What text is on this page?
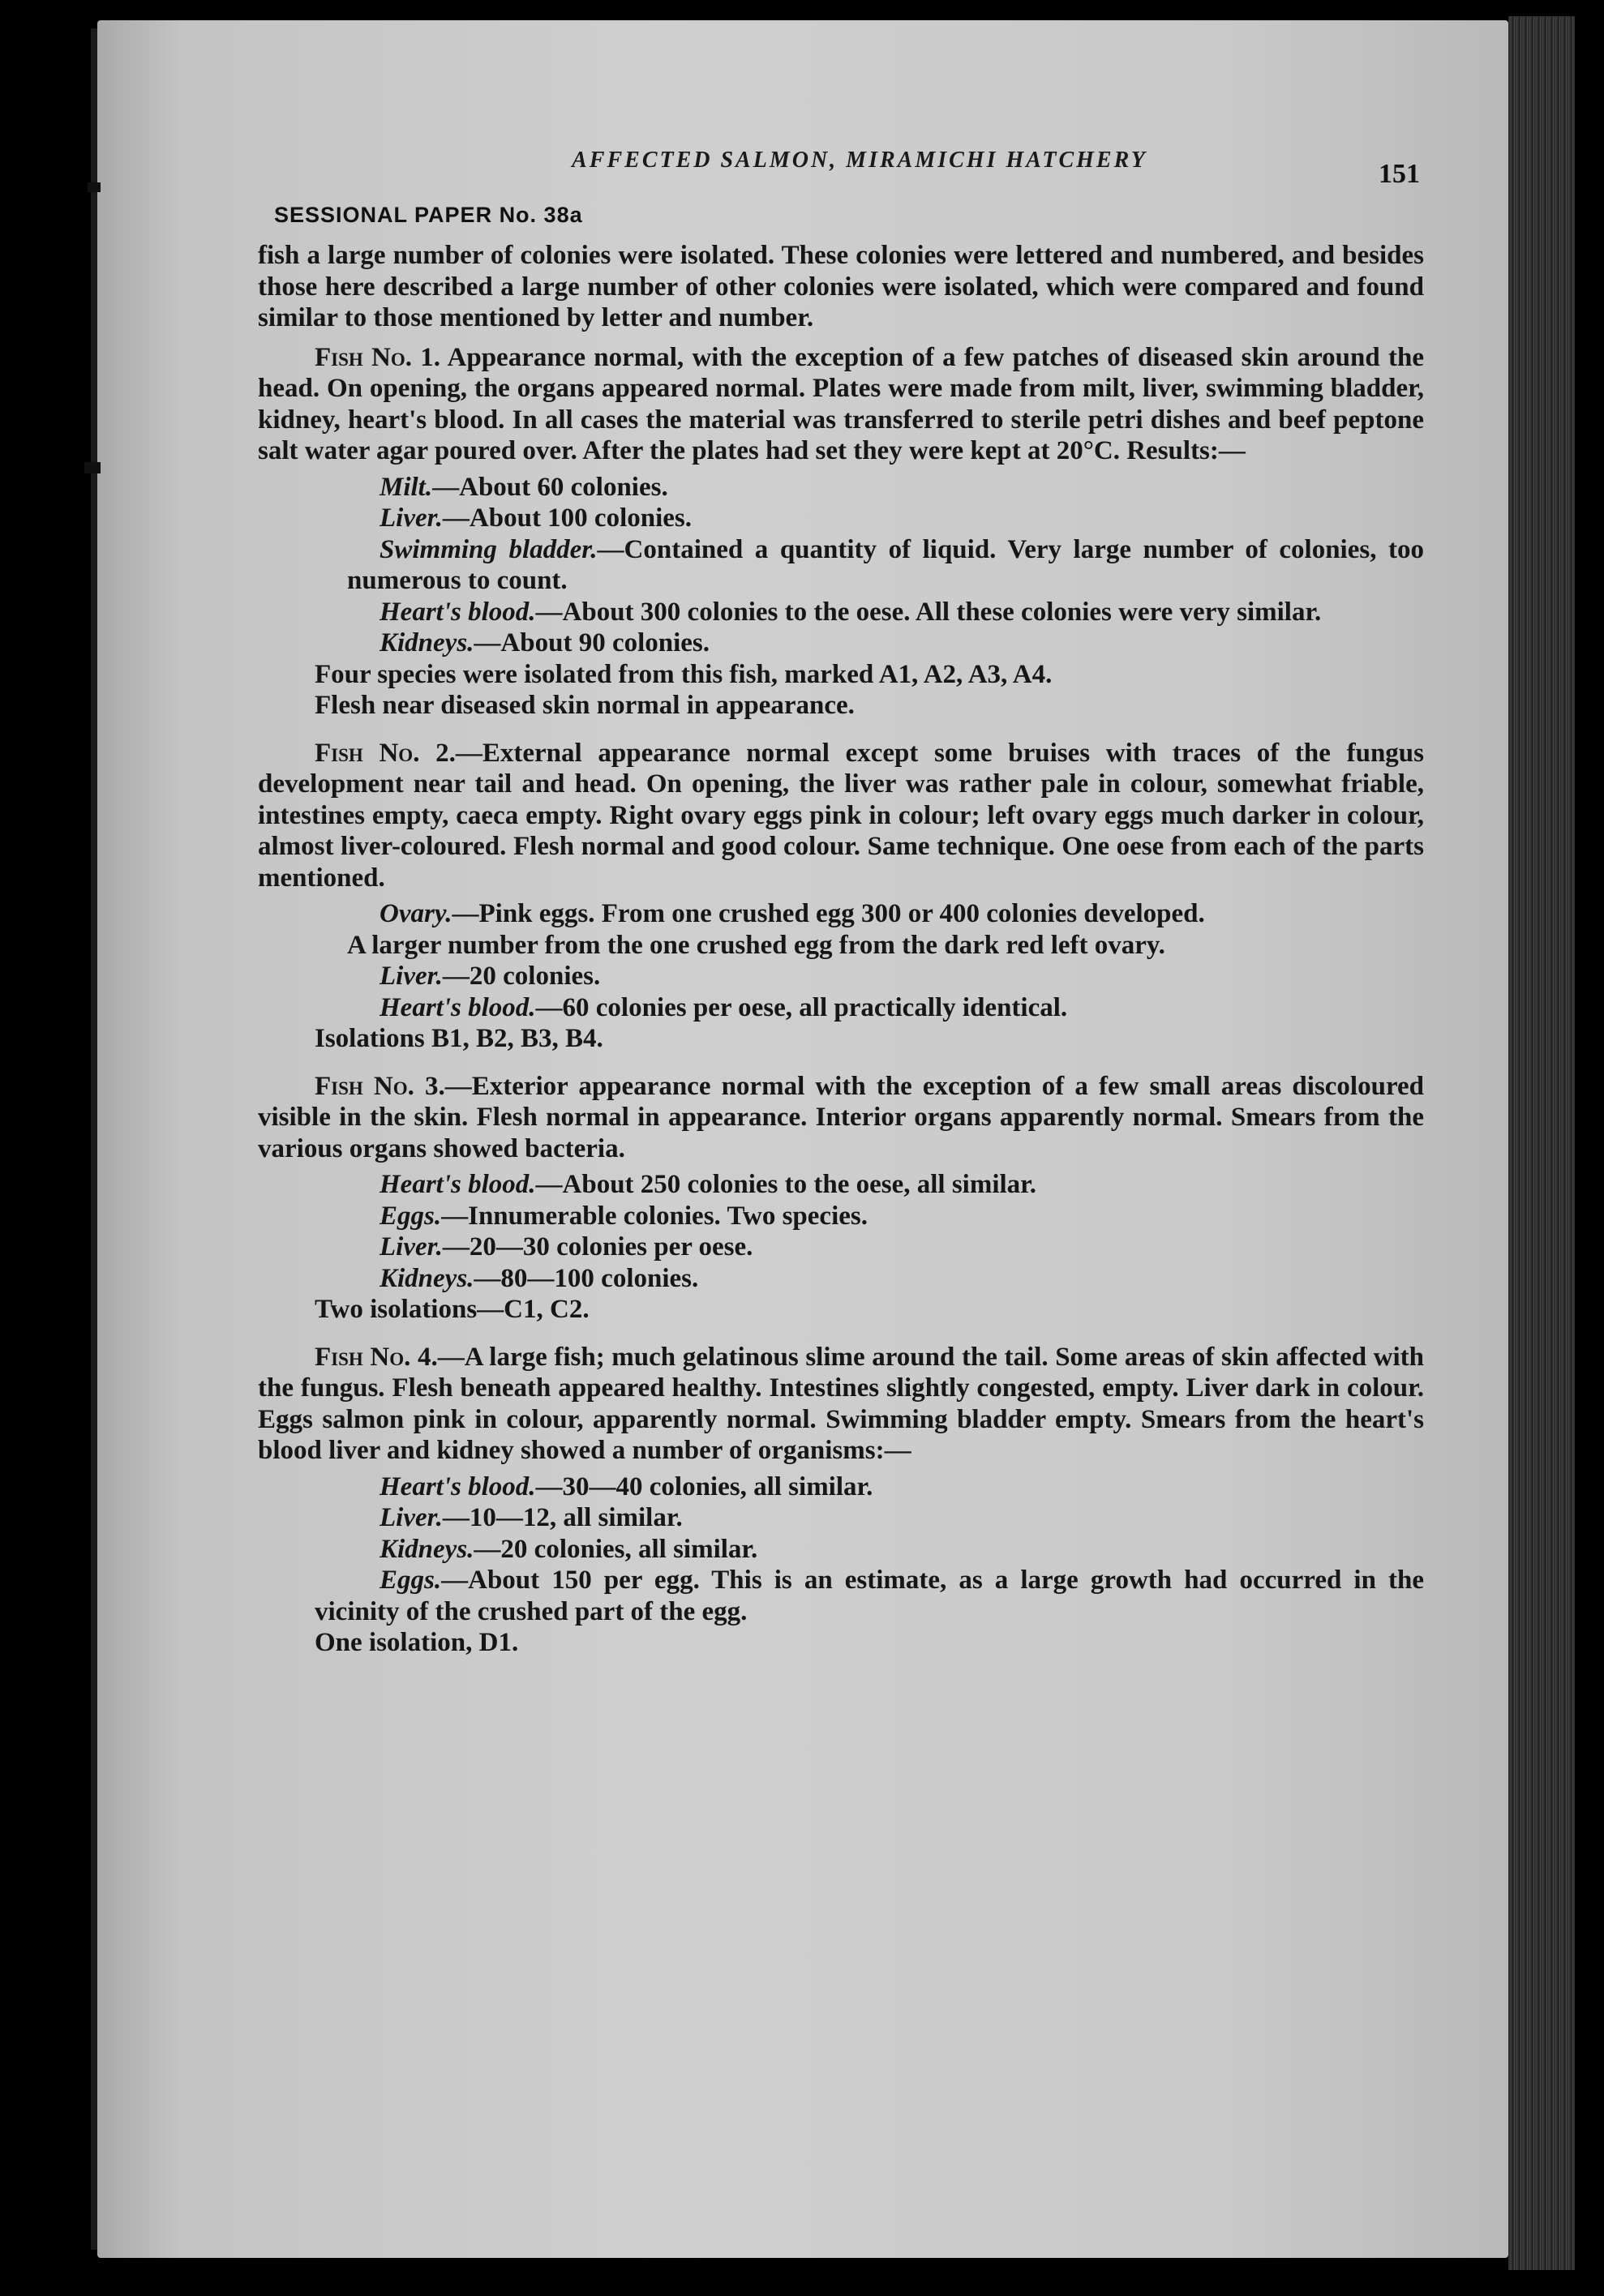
AFFECTED SALMON, MIRAMICHI HATCHERY	151
SESSIONAL PAPER No. 38a

fish a large number of colonies were isolated. These colonies were lettered and numbered, and besides those here described a large number of other colonies were isolated, which were compared and found similar to those mentioned by letter and number.

Fish No. 1. Appearance normal, with the exception of a few patches of diseased skin around the head. On opening, the organs appeared normal. Plates were made from milt, liver, swimming bladder, kidney, heart's blood. In all cases the material was transferred to sterile petri dishes and beef peptone salt water agar poured over. After the plates had set they were kept at 20°C. Results:—

Milt.—About 60 colonies.

Liver.—About 100 colonies.

Swimming bladder.—Contained a quantity of liquid. Very large number of colonies, too numerous to count.

Heart's blood.—About 300 colonies to the oese. All these colonies were very similar.

Kidneys.—About 90 colonies.

Four species were isolated from this fish, marked A1, A2, A3, A4.

Flesh near diseased skin normal in appearance.

Fish No. 2.—External appearance normal except some bruises with traces of the fungus development near tail and head. On opening, the liver was rather pale in colour, somewhat friable, intestines empty, caeca empty. Right ovary eggs pink in colour; left ovary eggs much darker in colour, almost liver-coloured. Flesh normal and good colour. Same technique. One oese from each of the parts mentioned.

Ovary.—Pink eggs. From one crushed egg 300 or 400 colonies developed.

A larger number from the one crushed egg from the dark red left ovary.

Liver.—20 colonies.

Heart's blood.—60 colonies per oese, all practically identical.

Isolations B1, B2, B3, B4.

Fish No. 3.—Exterior appearance normal with the exception of a few small areas discoloured visible in the skin. Flesh normal in appearance. Interior organs apparently normal. Smears from the various organs showed bacteria.

Heart's blood.—About 250 colonies to the oese, all similar.

Eggs.—Innumerable colonies. Two species.

Liver.—20—30 colonies per oese.

Kidneys.—80—100 colonies.

Two isolations—C1, C2.

Fish No. 4.—A large fish; much gelatinous slime around the tail. Some areas of skin affected with the fungus. Flesh beneath appeared healthy. Intestines slightly congested, empty. Liver dark in colour. Eggs salmon pink in colour, apparently normal. Swimming bladder empty. Smears from the heart's blood liver and kidney showed a number of organisms:—

Heart's blood.—30—40 colonies, all similar.

Liver.—10—12, all similar.

Kidneys.—20 colonies, all similar.

Eggs.—About 150 per egg. This is an estimate, as a large growth had occurred in the vicinity of the crushed part of the egg.

One isolation, D1.
